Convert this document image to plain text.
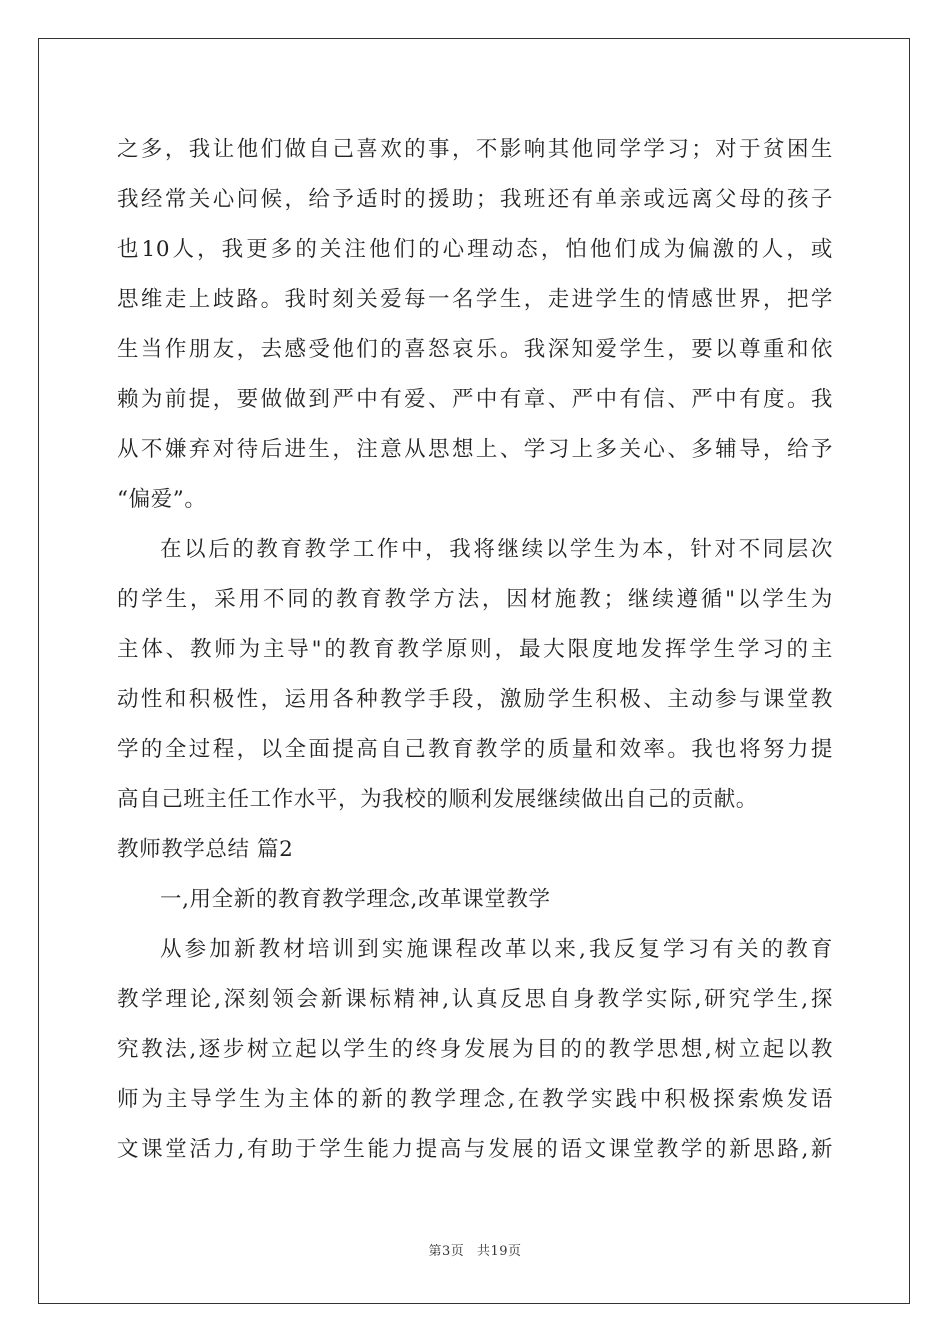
之多，我让他们做自己喜欢的事，不影响其他同学学习；对于贫困生
我经常关心问候，给予适时的援助；我班还有单亲或远离父母的孩子
也10人，我更多的关注他们的心理动态，怕他们成为偏激的人，或
思维走上歧路。我时刻关爱每一名学生，走进学生的情感世界，把学
生当作朋友，去感受他们的喜怒哀乐。我深知爱学生，要以尊重和依
赖为前提，要做做到严中有爱、严中有章、严中有信、严中有度。我
从不嫌弃对待后进生，注意从思想上、学习上多关心、多辅导，给予
“偏爱”。
在以后的教育教学工作中，我将继续以学生为本，针对不同层次
的学生，采用不同的教育教学方法，因材施教；继续遵循"以学生为
主体、教师为主导"的教育教学原则，最大限度地发挥学生学习的主
动性和积极性，运用各种教学手段，激励学生积极、主动参与课堂教
学的全过程，以全面提高自己教育教学的质量和效率。我也将努力提
高自己班主任工作水平，为我校的顺利发展继续做出自己的贡献。
教师教学总结 篇2
一,用全新的教育教学理念,改革课堂教学
从参加新教材培训到实施课程改革以来,我反复学习有关的教育
教学理论,深刻领会新课标精神,认真反思自身教学实际,研究学生,探
究教法,逐步树立起以学生的终身发展为目的的教学思想,树立起以教
师为主导学生为主体的新的教学理念,在教学实践中积极探索焕发语
文课堂活力,有助于学生能力提高与发展的语文课堂教学的新思路,新
第3页 共19页
